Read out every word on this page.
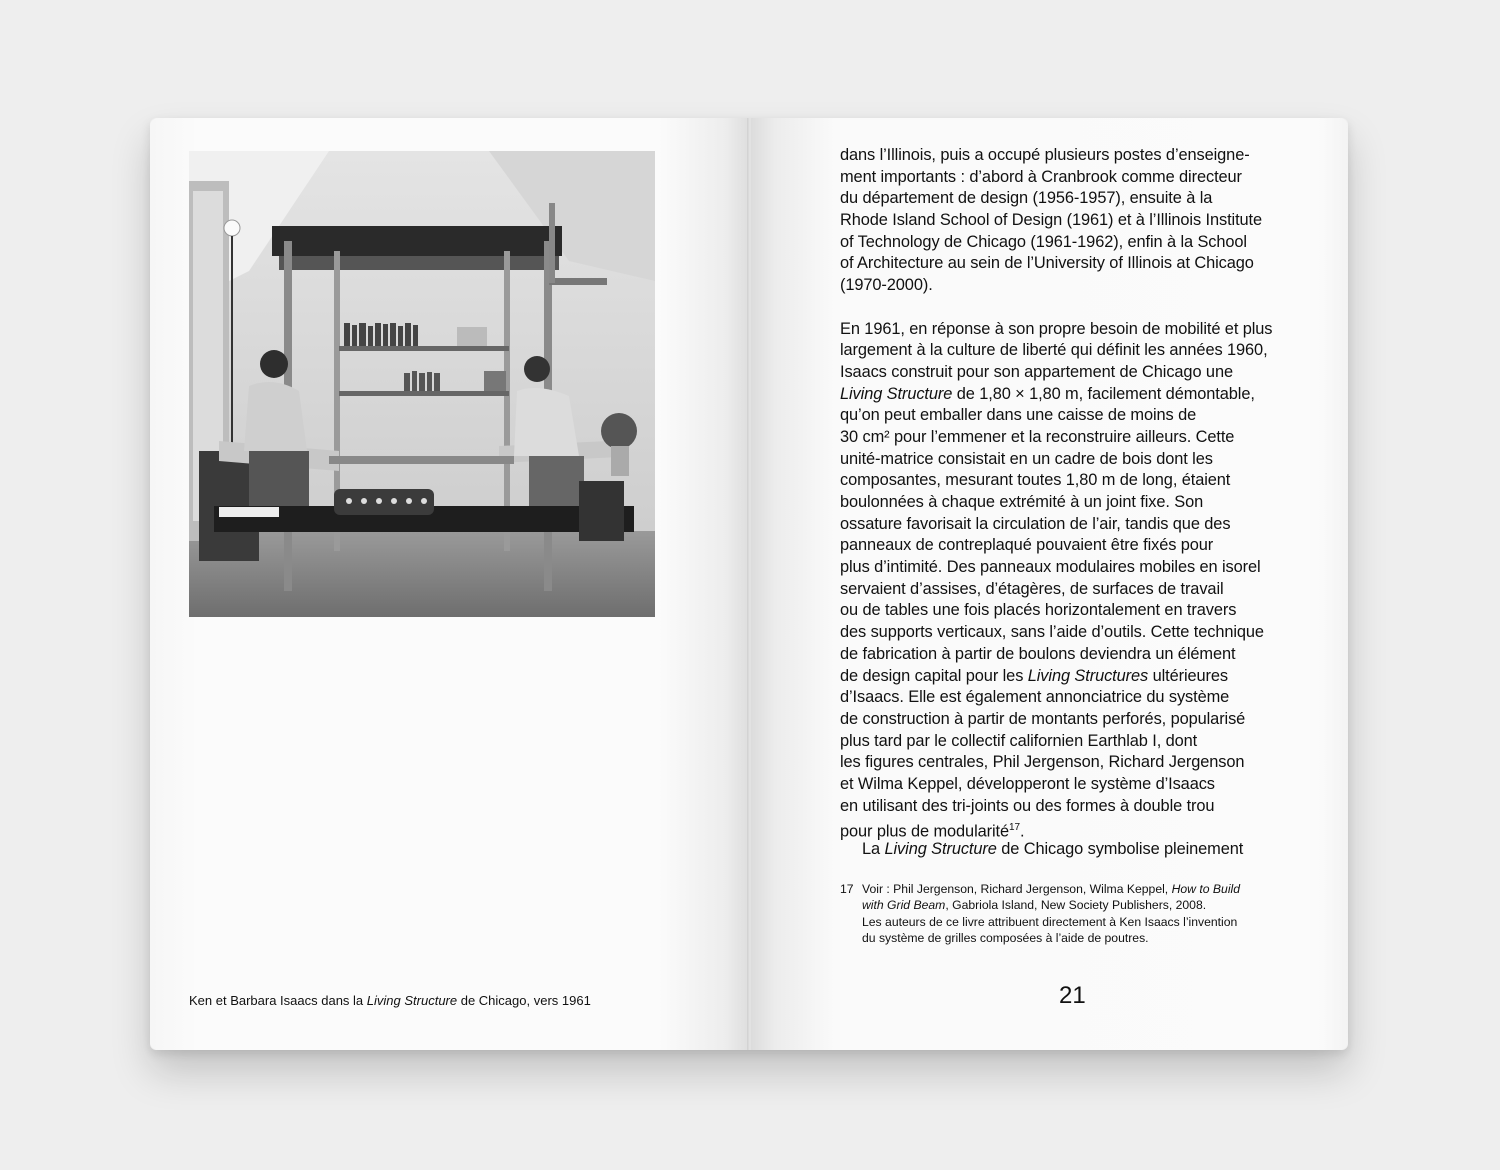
Ken et Barbara Isaacs dans la Living Structure de Chicago, vers 1961
dans l’Illinois, puis a occupé plusieurs postes d’enseigne-
ment importants : d’abord à Cranbrook comme directeur
du département de design (1956-1957), ensuite à la
Rhode Island School of Design (1961) et à l’Illinois Institute
of Technology de Chicago (1961-1962), enfin à la School
of Architecture au sein de l’University of Illinois at Chicago
(1970-2000).
En 1961, en réponse à son propre besoin de mobilité et plus
largement à la culture de liberté qui définit les années 1960,
Isaacs construit pour son appartement de Chicago une
Living Structure de 1,80 × 1,80 m, facilement démontable,
qu’on peut emballer dans une caisse de moins de
30 cm² pour l’emmener et la reconstruire ailleurs. Cette
unité-matrice consistait en un cadre de bois dont les
composantes, mesurant toutes 1,80 m de long, étaient
boulonnées à chaque extrémité à un joint fixe. Son
ossature favorisait la circulation de l’air, tandis que des
panneaux de contreplaqué pouvaient être fixés pour
plus d’intimité. Des panneaux modulaires mobiles en isorel
servaient d’assises, d’étagères, de surfaces de travail
ou de tables une fois placés horizontalement en travers
des supports verticaux, sans l’aide d’outils. Cette technique
de fabrication à partir de boulons deviendra un élément
de design capital pour les Living Structures ultérieures
d’Isaacs. Elle est également annonciatrice du système
de construction à partir de montants perforés, popularisé
plus tard par le collectif californien Earthlab I, dont
les figures centrales, Phil Jergenson, Richard Jergenson
et Wilma Keppel, développeront le système d’Isaacs
en utilisant des tri-joints ou des formes à double trou
pour plus de modularité$^{17}$.
La Living Structure de Chicago symbolise pleinement
17 Voir : Phil Jergenson, Richard Jergenson, Wilma Keppel, How to Build
with Grid Beam, Gabriola Island, New Society Publishers, 2008.
Les auteurs de ce livre attribuent directement à Ken Isaacs l’invention
du système de grilles composées à l’aide de poutres.
21
